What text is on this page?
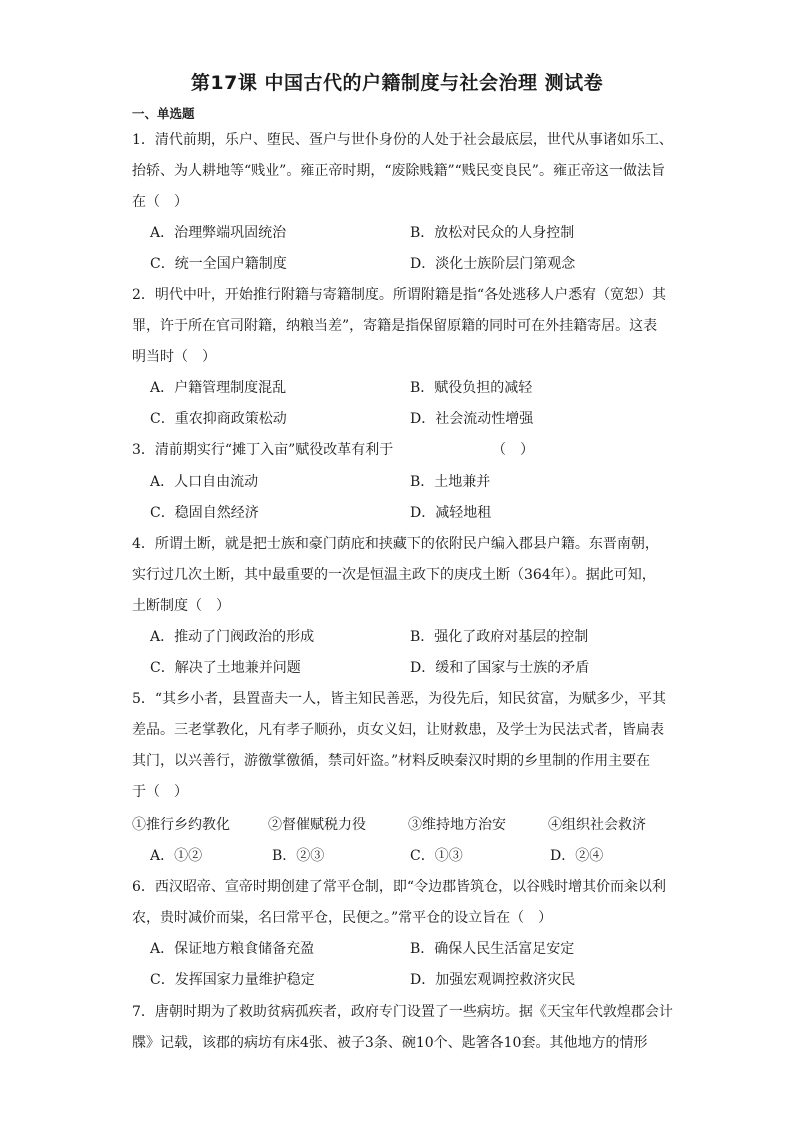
第17课 中国古代的户籍制度与社会治理 测试卷
一、单选题
1．清代前期，乐户、堕民、疍户与世仆身份的人处于社会最底层，世代从事诸如乐工、
抬轿、为人耕地等“贱业”。雍正帝时期，“废除贱籍”“贱民变良民”。雍正帝这一做法旨
在（　）
A．治理弊端巩固统治	B．放松对民众的人身控制
C．统一全国户籍制度	D．淡化士族阶层门第观念
2．明代中叶，开始推行附籍与寄籍制度。所谓附籍是指“各处逃移人户悉宥（宽恕）其
罪，许于所在官司附籍，纳粮当差”，寄籍是指保留原籍的同时可在外挂籍寄居。这表
明当时（　）
A．户籍管理制度混乱	B．赋役负担的减轻
C．重农抑商政策松动	D．社会流动性增强
3．清前期实行“摊丁入亩”赋役改革有利于	（　）
A．人口自由流动	B．土地兼并
C．稳固自然经济	D．减轻地租
4．所谓土断，就是把士族和豪门荫庇和挟藏下的依附民户编入郡县户籍。东晋南朝，
实行过几次土断，其中最重要的一次是恒温主政下的庚戌土断（364年）。据此可知，
土断制度（　）
A．推动了门阀政治的形成	B．强化了政府对基层的控制
C．解决了土地兼并问题	D．缓和了国家与士族的矛盾
5．“其乡小者，县置啬夫一人，皆主知民善恶，为役先后，知民贫富，为赋多少，平其
差品。三老掌教化，凡有孝子顺孙，贞女义妇，让财救患，及学士为民法式者，皆扁表
其门，以兴善行，游徼掌徼循，禁司奸盗。”材料反映秦汉时期的乡里制的作用主要在
于（　）
①推行乡约教化	②督催赋税力役	③维持地方治安	④组织社会救济
A．①②	B．②③	C．①③	D．②④
6．西汉昭帝、宣帝时期创建了常平仓制，即“令边郡皆筑仓，以谷贱时增其价而籴以利
农，贵时减价而粜，名曰常平仓，民便之。”常平仓的设立旨在（　）
A．保证地方粮食储备充盈	B．确保人民生活富足安定
C．发挥国家力量维护稳定	D．加强宏观调控救济灾民
7．唐朝时期为了救助贫病孤疾者，政府专门设置了一些病坊。据《天宝年代敦煌郡会计
牒》记载，该郡的病坊有床4张、被子3条、碗10个、匙箸各10套。其他地方的情形
